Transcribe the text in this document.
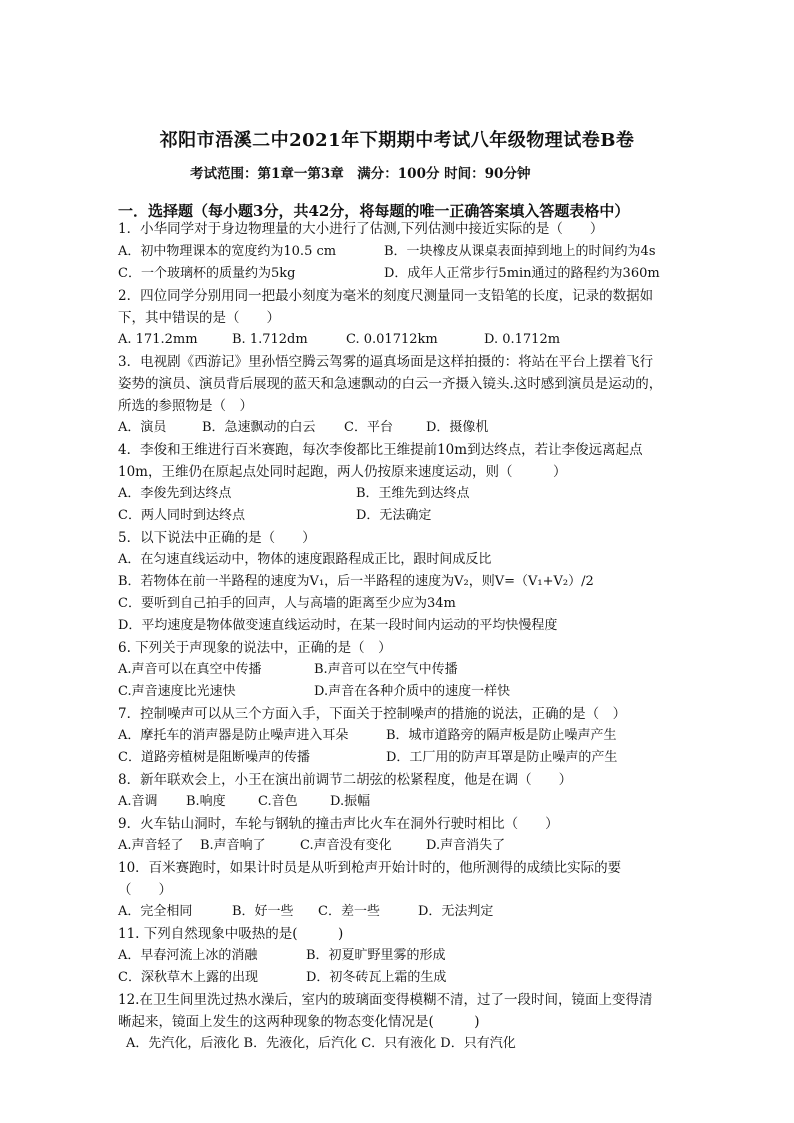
祁阳市浯溪二中2021年下期期中考试八年级物理试卷B卷
考试范围：第1章一第3章　满分：100分 时间：90分钟
一．选择题（每小题3分，共42分，将每题的唯一正确答案填入答题表格中）
1．小华同学对于身边物理量的大小进行了估测,下列估测中接近实际的是（　　）
A．初中物理课本的宽度约为10.5 cm	B．一块橡皮从课桌表面掉到地上的时间约为4s
C．一个玻璃杯的质量约为5kg	D．成年人正常步行5min通过的路程约为360m
2．四位同学分别用同一把最小刻度为毫米的刻度尺测量同一支铅笔的长度，记录的数据如
下，其中错误的是（　　）
A. 171.2mm	B. 1.712dm	C. 0.01712km	D. 0.1712m
3．电视剧《西游记》里孙悟空腾云驾雾的逼真场面是这样拍摄的：将站在平台上摆着飞行
姿势的演员、演员背后展现的蓝天和急速飘动的白云一齐摄入镜头.这时感到演员是运动的，
所选的参照物是（　）
A．演员	B．急速飘动的白云 C．平台	D．摄像机
4．李俊和王维进行百米赛跑，每次李俊都比王维提前10m到达终点，若让李俊远离起点
10m，王维仍在原起点处同时起跑，两人仍按原来速度运动，则（　　　）
A．李俊先到达终点	B．王维先到达终点
C．两人同时到达终点	D．无法确定
5．以下说法中正确的是（　　）
A．在匀速直线运动中，物体的速度跟路程成正比，跟时间成反比
B．若物体在前一半路程的速度为V₁，后一半路程的速度为V₂，则V=（V₁+V₂）/2
C．要听到自己拍手的回声，人与高墙的距离至少应为34m
D．平均速度是物体做变速直线运动时，在某一段时间内运动的平均快慢程度
6. 下列关于声现象的说法中，正确的是（　）
A.声音可以在真空中传播	B.声音可以在空气中传播
C.声音速度比光速快	D.声音在各种介质中的速度一样快
7．控制噪声可以从三个方面入手，下面关于控制噪声的措施的说法，正确的是（　）
A．摩托车的消声器是防止噪声进入耳朵	B．城市道路旁的隔声板是防止噪声产生
C．道路旁植树是阻断噪声的传播	D．工厂用的防声耳罩是防止噪声的产生
8．新年联欢会上，小王在演出前调节二胡弦的松紧程度，他是在调（　　）
A.音调 B.响度 C.音色 D.振幅
9．火车钻山洞时，车轮与钢轨的撞击声比火车在洞外行驶时相比（　　）
A.声音轻了 B.声音响了	C.声音没有变化	D.声音消失了
10．百米赛跑时，如果计时员是从听到枪声开始计时的，他所测得的成绩比实际的要
（　　）
A．完全相同	B．好一些 C．差一些	D．无法判定
11. 下列自然现象中吸热的是(　　　)
A．早春河流上冰的消融	B．初夏旷野里雾的形成
C．深秋草木上露的出现	D．初冬砖瓦上霜的生成
12.在卫生间里洗过热水澡后，室内的玻璃面变得模糊不清，过了一段时间，镜面上变得清
晰起来，镜面上发生的这两种现象的物态变化情况是(　　　)
A．先汽化，后液化 B．先液化，后汽化 C．只有液化 D．只有汽化
